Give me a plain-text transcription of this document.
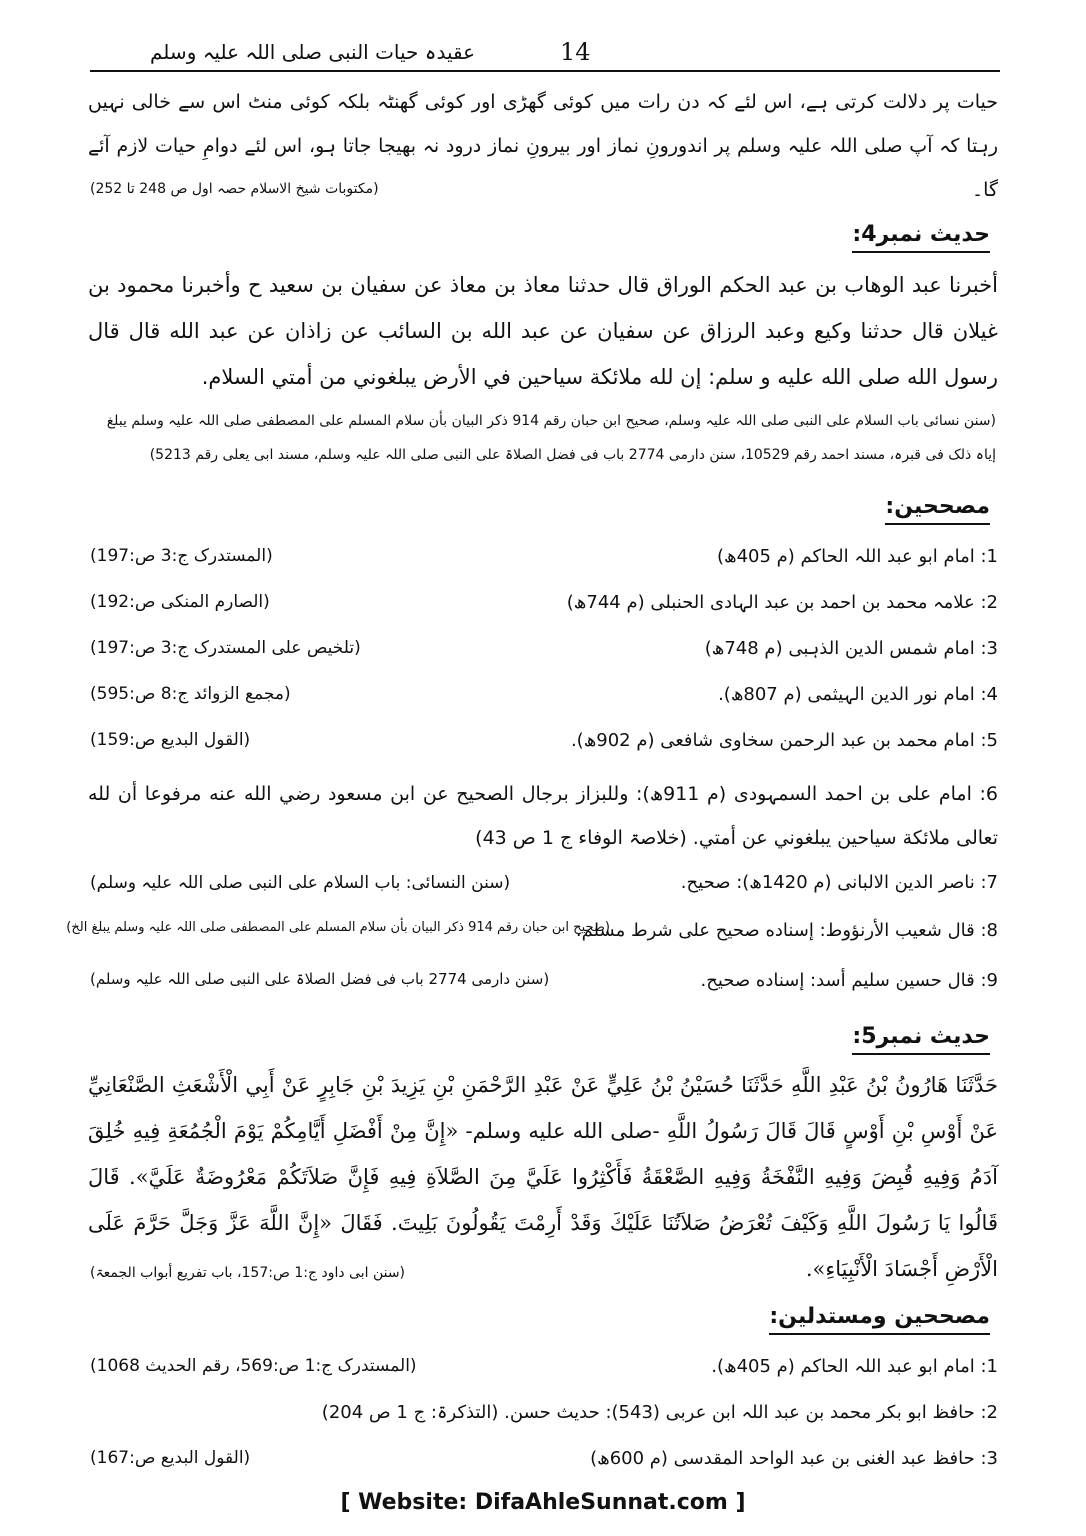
عقیدہ حیات النبی صلی اللہ علیہ وسلم	14
حیات پر دلالت کرتی ہے، اس لئے کہ دن رات میں کوئی گھڑی اور کوئی گھنٹہ بلکہ کوئی منٹ اس سے خالی نہیں رہتا کہ آپ صلی اللہ علیہ وسلم پر اندورونِ نماز اور بیرونِ نماز درود نہ بھیجا جاتا ہو، اس لئے دوامِ حیات لازم آئے گا۔
(مکتوبات شیخ الاسلام حصہ اول ص 248 تا 252)
حدیث نمبر4:
أخبرنا عبد الوهاب بن عبد الحكم الوراق قال حدثنا معاذ بن معاذ عن سفيان بن سعيد ح وأخبرنا محمود بن غيلان قال حدثنا وكيع وعبد الرزاق عن سفيان عن عبد الله بن السائب عن زاذان عن عبد الله قال قال رسول الله صلى الله عليه و سلم: إن لله ملائكة سياحين في الأرض يبلغوني من أمتي السلام.
(سنن نسائی باب السلام علی النبی صلی اللہ علیہ وسلم، صحیح ابن حبان رقم 914 ذکر البیان بأن سلام المسلم علی المصطفی صلی اللہ علیہ وسلم یبلغ إیاہ ذلک فی قبرہ، مسند احمد رقم 10529، سنن دارمی 2774 باب فی فضل الصلاۃ علی النبی صلی اللہ علیہ وسلم، مسند ابی یعلی رقم 5213)
مصححین:
1: امام ابو عبد اللہ الحاکم (م 405ھ)
(المستدرک ج:3 ص:197)
2: علامہ محمد بن احمد بن عبد الہادی الحنبلی (م 744ھ)
(الصارم المنکی ص:192)
3: امام شمس الدین الذہبی (م 748ھ)
(تلخیص علی المستدرک ج:3 ص:197)
4: امام نور الدین الہیثمی (م 807ھ).
(مجمع الزوائد ج:8 ص:595)
5: امام محمد بن عبد الرحمن سخاوی شافعی (م 902ھ).
(القول البدیع ص:159)
6: امام علی بن احمد السمہودی (م 911ھ): وللبزاز برجال الصحيح عن ابن مسعود رضي الله عنه مرفوعا أن لله تعالى ملائكة سياحين يبلغوني عن أمتي. (خلاصۃ الوفاء ج 1 ص 43)
7: ناصر الدین الالبانی (م 1420ھ): صحیح.
(سنن النسائی: باب السلام علی النبی صلی اللہ علیہ وسلم)
8: قال شعیب الأرنؤوط: إسناده صحيح على شرط مسلم.
(صحیح ابن حبان رقم 914 ذکر البیان بأن سلام المسلم علی المصطفی صلی اللہ علیہ وسلم یبلغ الخ)
9: قال حسین سلیم أسد: إسناده صحيح.
(سنن دارمی 2774 باب فی فضل الصلاۃ علی النبی صلی اللہ علیہ وسلم)
حدیث نمبر5:
حَدَّثَنَا هَارُونُ بْنُ عَبْدِ اللَّهِ حَدَّثَنَا حُسَيْنُ بْنُ عَلِيٍّ عَنْ عَبْدِ الرَّحْمَنِ بْنِ يَزِيدَ بْنِ جَابِرٍ عَنْ أَبِي الْأَشْعَثِ الصَّنْعَانِيِّ عَنْ أَوْسِ بْنِ أَوْسٍ قَالَ قَالَ رَسُولُ اللَّهِ -صلى الله عليه وسلم- «إِنَّ مِنْ أَفْضَلِ أَيَّامِكُمْ يَوْمَ الْجُمُعَةِ فِيهِ خُلِقَ آدَمُ وَفِيهِ قُبِضَ وَفِيهِ النَّفْخَةُ وَفِيهِ الصَّعْقَةُ فَأَكْثِرُوا عَلَيَّ مِنَ الصَّلاَةِ فِيهِ فَإِنَّ صَلاَتَكُمْ مَعْرُوضَةٌ عَلَيَّ». قَالَ قَالُوا يَا رَسُولَ اللَّهِ وَكَيْفَ تُعْرَضُ صَلاَتُنَا عَلَيْكَ وَقَدْ أَرِمْتَ يَقُولُونَ بَلِيتَ. فَقَالَ «إِنَّ اللَّهَ عَزَّ وَجَلَّ حَرَّمَ عَلَى الْأَرْضِ أَجْسَادَ الْأَنْبِيَاءِ».
(سنن ابی داود ج:1 ص:157، باب تفریع أبواب الجمعۃ)
مصححین ومستدلین:
1: امام ابو عبد اللہ الحاکم (م 405ھ).
(المستدرک ج:1 ص:569، رقم الحدیث 1068)
2: حافظ ابو بکر محمد بن عبد اللہ ابن عربی (543): حدیث حسن. (التذکرۃ: ج 1 ص 204)
3: حافظ عبد الغنی بن عبد الواحد المقدسی (م 600ھ)
(القول البدیع ص:167)
[ Website: DifaAhleSunnat.com ]
